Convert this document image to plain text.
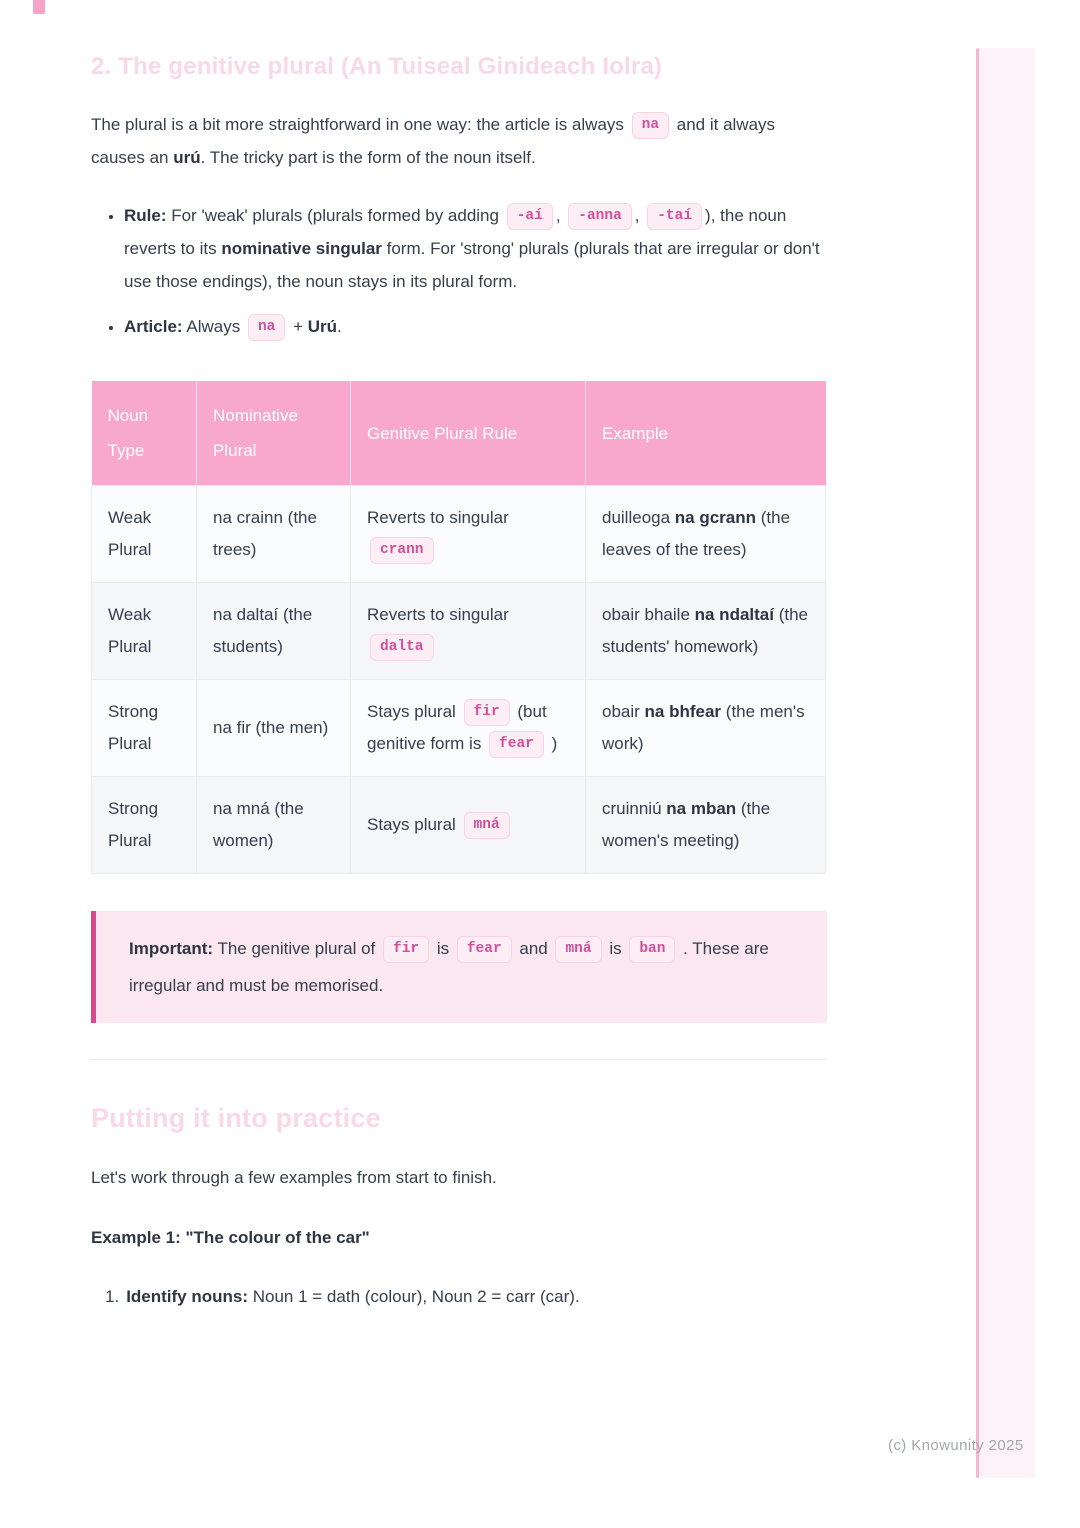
2. The genitive plural (An Tuiseal Ginideach Iolra)

The plural is a bit more straightforward in one way: the article is always na and it always causes an urú. The tricky part is the form of the noun itself.

• Rule: For 'weak' plurals (plurals formed by adding -aí , -anna , -taí ), the noun reverts to its nominative singular form. For 'strong' plurals (plurals that are irregular or don't use those endings), the noun stays in its plural form.
• Article: Always na + Urú.
Noun Type	Nominative Plural	Genitive Plural Rule	Example
Weak Plural	na crainn (the trees)	Reverts to singular crann	duilleoga na gcrann (the leaves of the trees)
Weak Plural	na daltaí (the students)	Reverts to singular dalta	obair bhaile na ndaltaí (the students' homework)
Strong Plural	na fir (the men)	Stays plural fir (but genitive form is fear )	obair na bhfear (the men's work)
Strong Plural	na mná (the women)	Stays plural mná	cruinniú na mban (the women's meeting)

Important: The genitive plural of fir is fear and mná is ban . These are irregular and must be memorised.

Putting it into practice

Let's work through a few examples from start to finish.

Example 1: "The colour of the car"

1. Identify nouns: Noun 1 = dath (colour), Noun 2 = carr (car).
(c) Knowunity 2025
